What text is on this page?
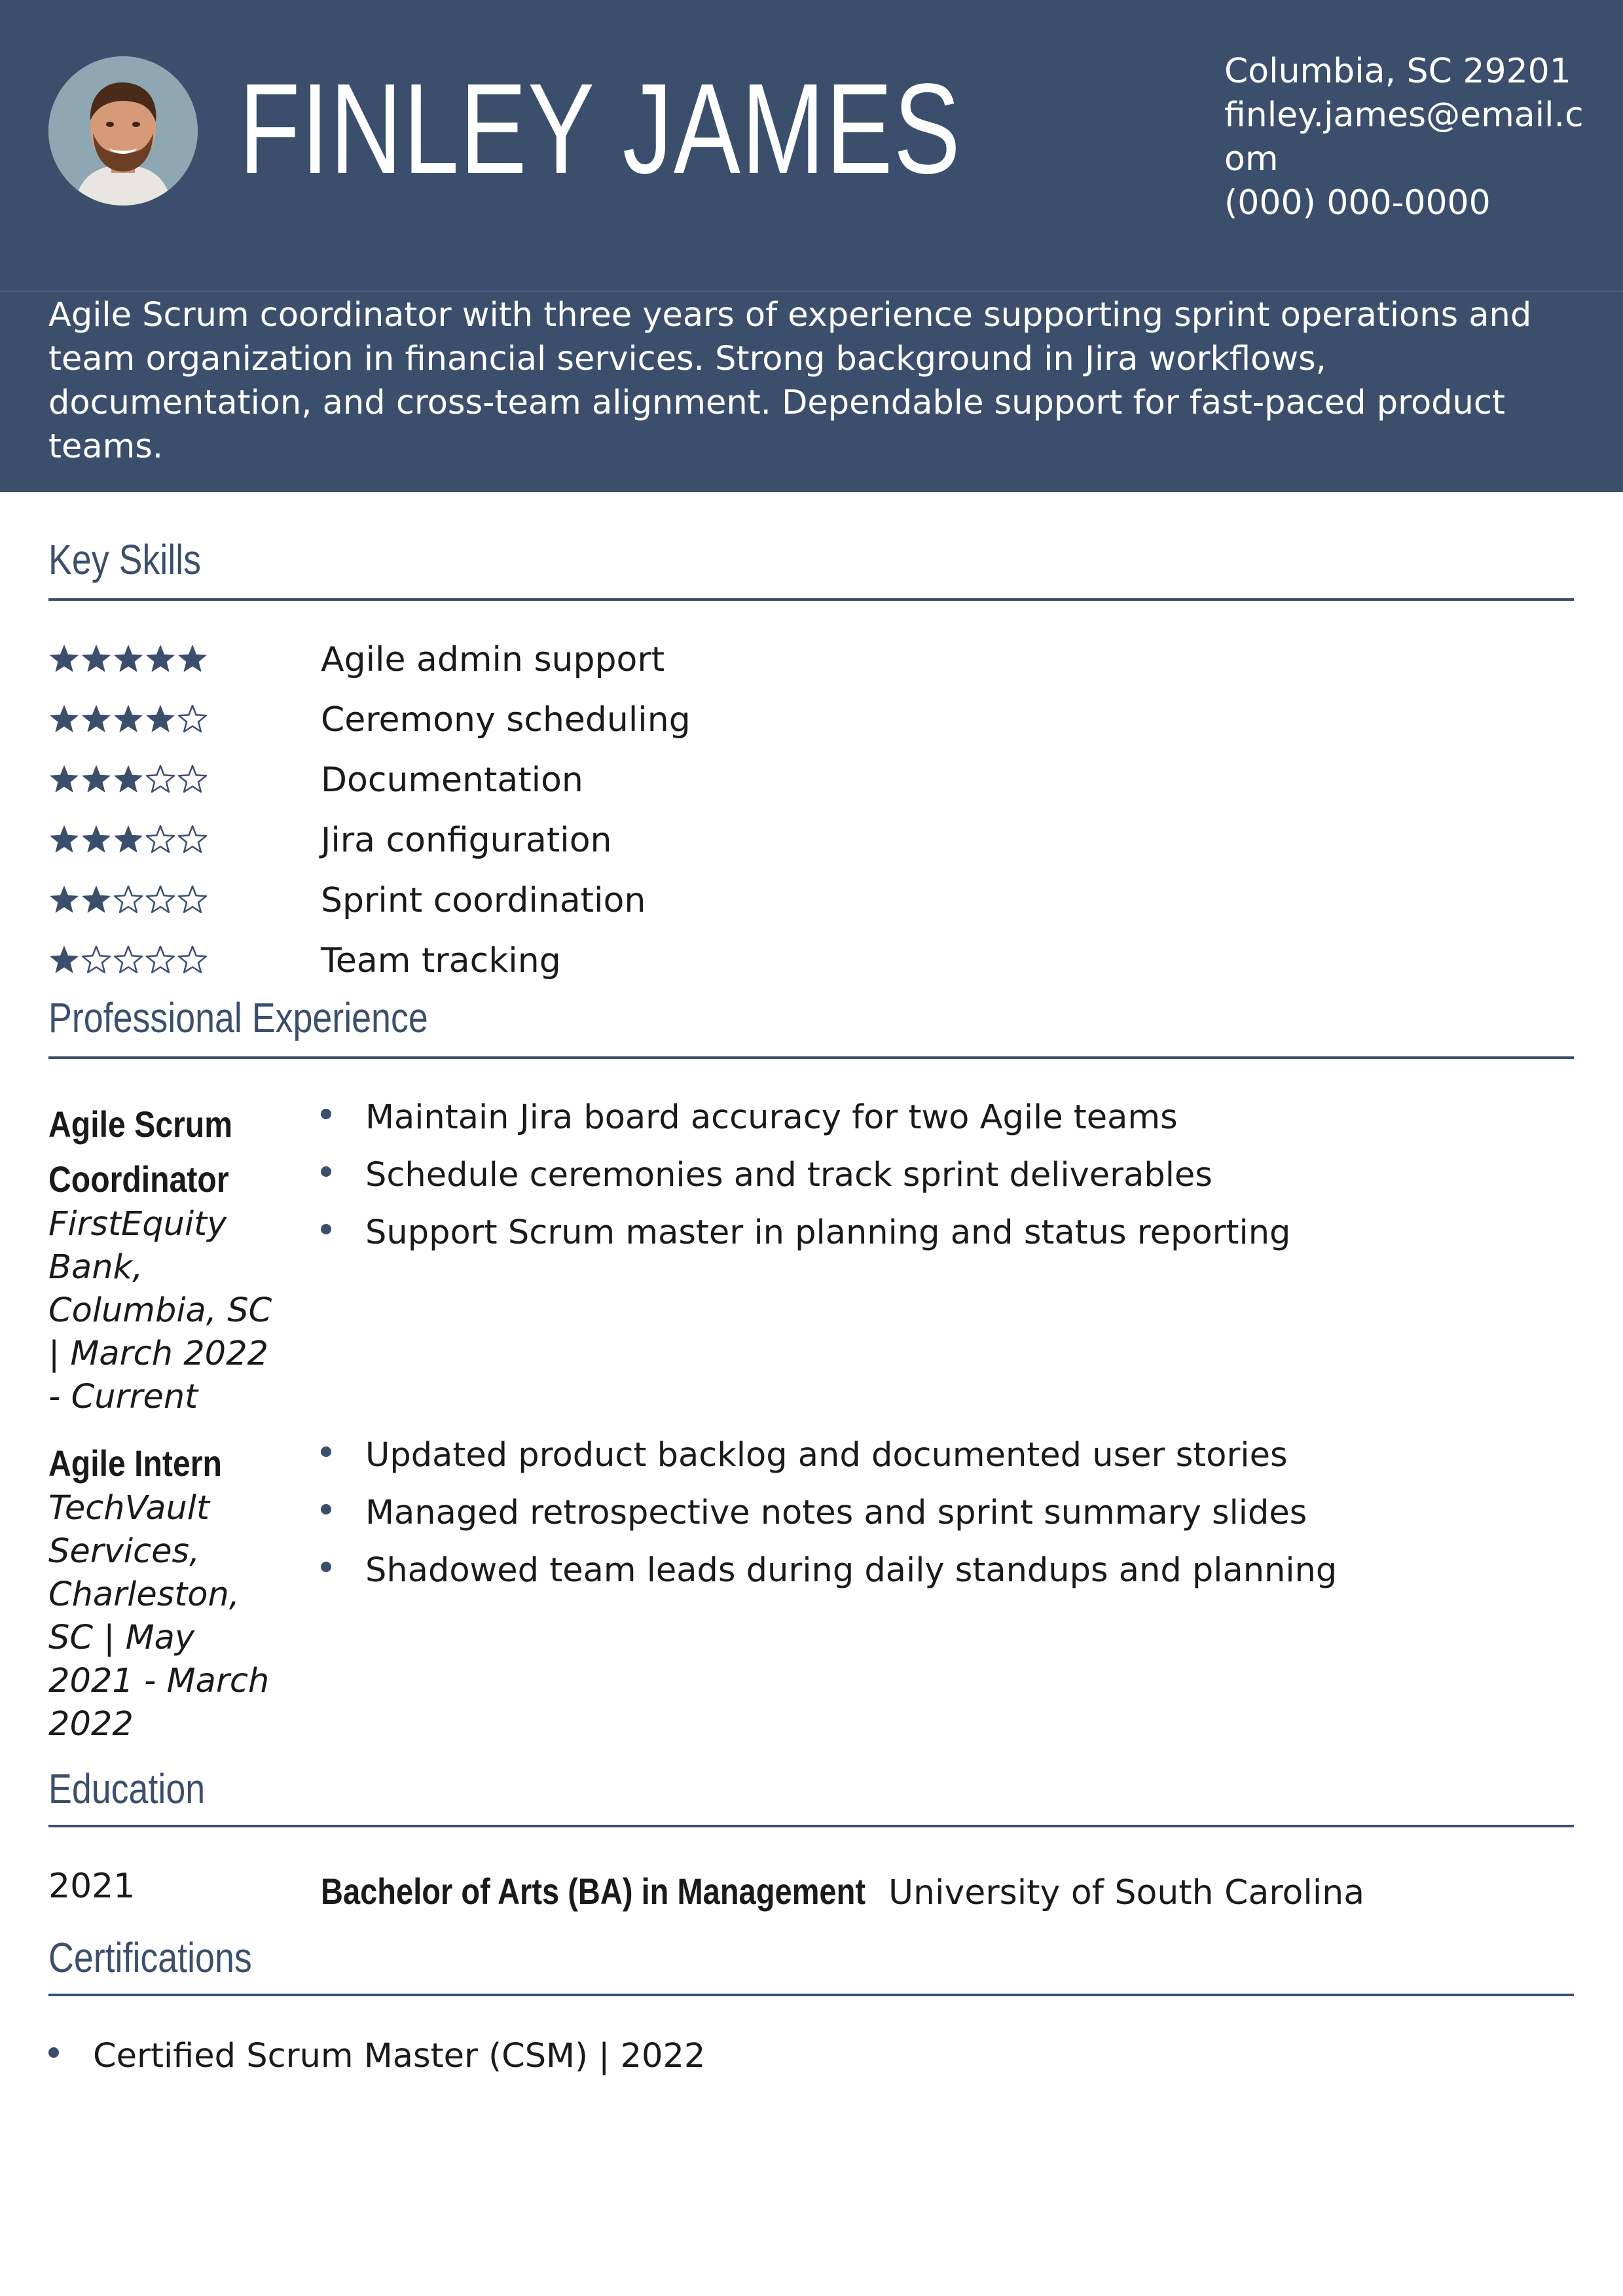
FINLEY JAMES	Columbia, SC 29201
finley.james@email.c
om
(000) 000-0000
Agile Scrum coordinator with three years of experience supporting sprint operations and team organization in financial services. Strong background in Jira workflows, documentation, and cross-team alignment. Dependable support for fast-paced product teams.
Key Skills
Agile admin support
Ceremony scheduling
Documentation
Jira configuration
Sprint coordination
Team tracking
Professional Experience
Agile Scrum
Coordinator
FirstEquity
Bank,
Columbia, SC
| March 2022
- Current
Maintain Jira board accuracy for two Agile teams
Schedule ceremonies and track sprint deliverables
Support Scrum master in planning and status reporting
Agile Intern
TechVault
Services,
Charleston,
SC | May
2021 - March
2022
Updated product backlog and documented user stories
Managed retrospective notes and sprint summary slides
Shadowed team leads during daily standups and planning
Education
2021	Bachelor of Arts (BA) in Management University of South Carolina
Certifications
Certified Scrum Master (CSM) | 2022
